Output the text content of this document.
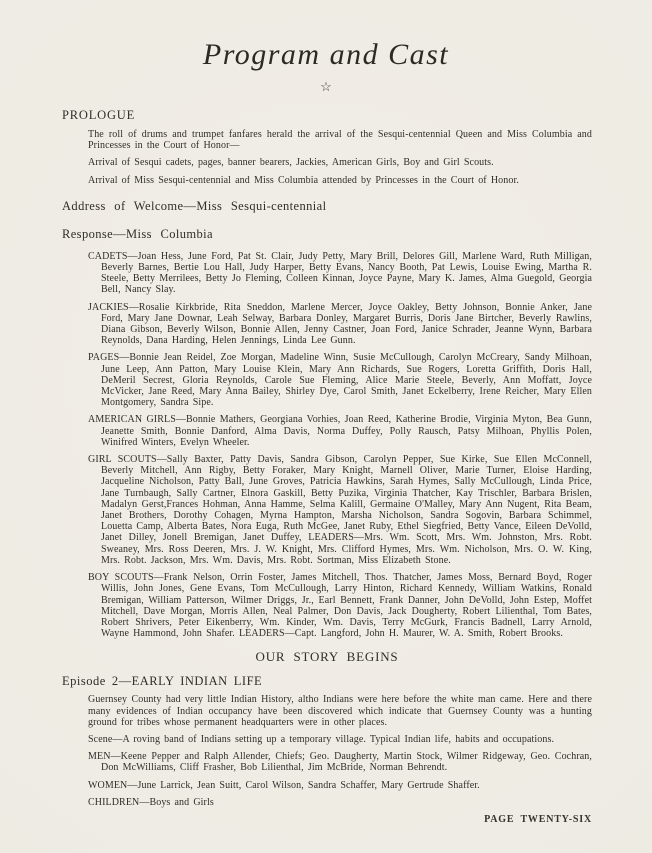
Program and Cast
☆
PROLOGUE

The roll of drums and trumpet fanfares herald the arrival of the Sesqui-centennial Queen and Miss Columbia and Princesses in the Court of Honor—

Arrival of Sesqui cadets, pages, banner bearers, Jackies, American Girls, Boy and Girl Scouts.

Arrival of Miss Sesqui-centennial and Miss Columbia attended by Princesses in the Court of Honor.

Address of Welcome—Miss Sesqui-centennial

Response—Miss Columbia

CADETS—Joan Hess, June Ford, Pat St. Clair, Judy Petty, Mary Brill, Delores Gill, Marlene Ward, Ruth Milligan, Beverly Barnes, Bertie Lou Hall, Judy Harper, Betty Evans, Nancy Booth, Pat Lewis, Louise Ewing, Martha R. Steele, Betty Merrilees, Betty Jo Fleming, Colleen Kinnan, Joyce Payne, Mary K. James, Alma Guegold, Georgia Bell, Nancy Slay.

JACKIES—Rosalie Kirkbride, Rita Sneddon, Marlene Mercer, Joyce Oakley, Betty Johnson, Bonnie Anker, Jane Ford, Mary Jane Downar, Leah Selway, Barbara Donley, Margaret Burris, Doris Jane Birtcher, Beverly Rawlins, Diana Gibson, Beverly Wilson, Bonnie Allen, Jenny Castner, Joan Ford, Janice Schrader, Jeanne Wynn, Barbara Reynolds, Dana Harding, Helen Jennings, Linda Lee Gunn.

PAGES—Bonnie Jean Reidel, Zoe Morgan, Madeline Winn, Susie McCullough, Carolyn McCreary, Sandy Milhoan, June Leep, Ann Patton, Mary Louise Klein, Mary Ann Richards, Sue Rogers, Loretta Griffith, Doris Hall, DeMeril Secrest, Gloria Reynolds, Carole Sue Fleming, Alice Marie Steele, Beverly, Ann Moffatt, Joyce McVicker, Jane Reed, Mary Anna Bailey, Shirley Dye, Carol Smith, Janet Eckelberry, Irene Reicher, Mary Ellen Montgomery, Sandra Sipe.

AMERICAN GIRLS—Bonnie Mathers, Georgiana Vorhies, Joan Reed, Katherine Brodie, Virginia Myton, Bea Gunn, Jeanette Smith, Bonnie Danford, Alma Davis, Norma Duffey, Polly Rausch, Patsy Milhoan, Phyllis Polen, Winifred Winters, Evelyn Wheeler.

GIRL SCOUTS—Sally Baxter, Patty Davis, Sandra Gibson, Carolyn Pepper, Sue Kirke, Sue Ellen McConnell, Beverly Mitchell, Ann Rigby, Betty Foraker, Mary Knight, Marnell Oliver, Marie Turner, Eloise Harding, Jacqueline Nicholson, Patty Ball, June Groves, Patricia Hawkins, Sarah Hymes, Sally McCullough, Linda Price, Jane Turnbaugh, Sally Cartner, Elnora Gaskill, Betty Puzika, Virginia Thatcher, Kay Trischler, Barbara Brislen, Madalyn Gerst,Frances Hohman, Anna Hamme, Selma Kalill, Germaine O'Malley, Mary Ann Nugent, Rita Beam, Janet Brothers, Dorothy Cohagen, Myrna Hampton, Marsha Nicholson, Sandra Sogovin, Barbara Schimmel, Louetta Camp, Alberta Bates, Nora Euga, Ruth McGee, Janet Ruby, Ethel Siegfried, Betty Vance, Eileen DeVolld, Janet Dilley, Jonell Bremigan, Janet Duffey, LEADERS—Mrs. Wm. Scott, Mrs. Wm. Johnston, Mrs. Robt. Sweaney, Mrs. Ross Deeren, Mrs. J. W. Knight, Mrs. Clifford Hymes, Mrs. Wm. Nicholson, Mrs. O. W. King, Mrs. Robt. Jackson, Mrs. Wm. Davis, Mrs. Robt. Sortman, Miss Elizabeth Stone.

BOY SCOUTS—Frank Nelson, Orrin Foster, James Mitchell, Thos. Thatcher, James Moss, Bernard Boyd, Roger Willis, John Jones, Gene Evans, Tom McCullough, Larry Hinton, Richard Kennedy, William Watkins, Ronald Bremigan, William Patterson, Wilmer Driggs, Jr., Earl Bennett, Frank Danner, John DeVolld, John Estep, Moffet Mitchell, Dave Morgan, Morris Allen, Neal Palmer, Don Davis, Jack Dougherty, Robert Lilienthal, Tom Bates, Robert Shrivers, Peter Eikenberry, Wm. Kinder, Wm. Davis, Terry McGurk, Francis Badnell, Larry Arnold, Wayne Hammond, John Shafer. LEADERS—Capt. Langford, John H. Maurer, W. A. Smith, Robert Brooks.

OUR STORY BEGINS
Episode 2—EARLY INDIAN LIFE

Guernsey County had very little Indian History, altho Indians were here before the white man came. Here and there many evidences of Indian occupancy have been discovered which indicate that Guernsey County was a hunting ground for tribes whose permanent headquarters were in other places.

Scene—A roving band of Indians setting up a temporary village. Typical Indian life, habits and occupations.

MEN—Keene Pepper and Ralph Allender, Chiefs; Geo. Daugherty, Martin Stock, Wilmer Ridgeway, Geo. Cochran, Don McWilliams, Cliff Frasher, Bob Lilienthal, Jim McBride, Norman Behrendt.

WOMEN—June Larrick, Jean Suitt, Carol Wilson, Sandra Schaffer, Mary Gertrude Shaffer.

CHILDREN—Boys and Girls

PAGE TWENTY-SIX
